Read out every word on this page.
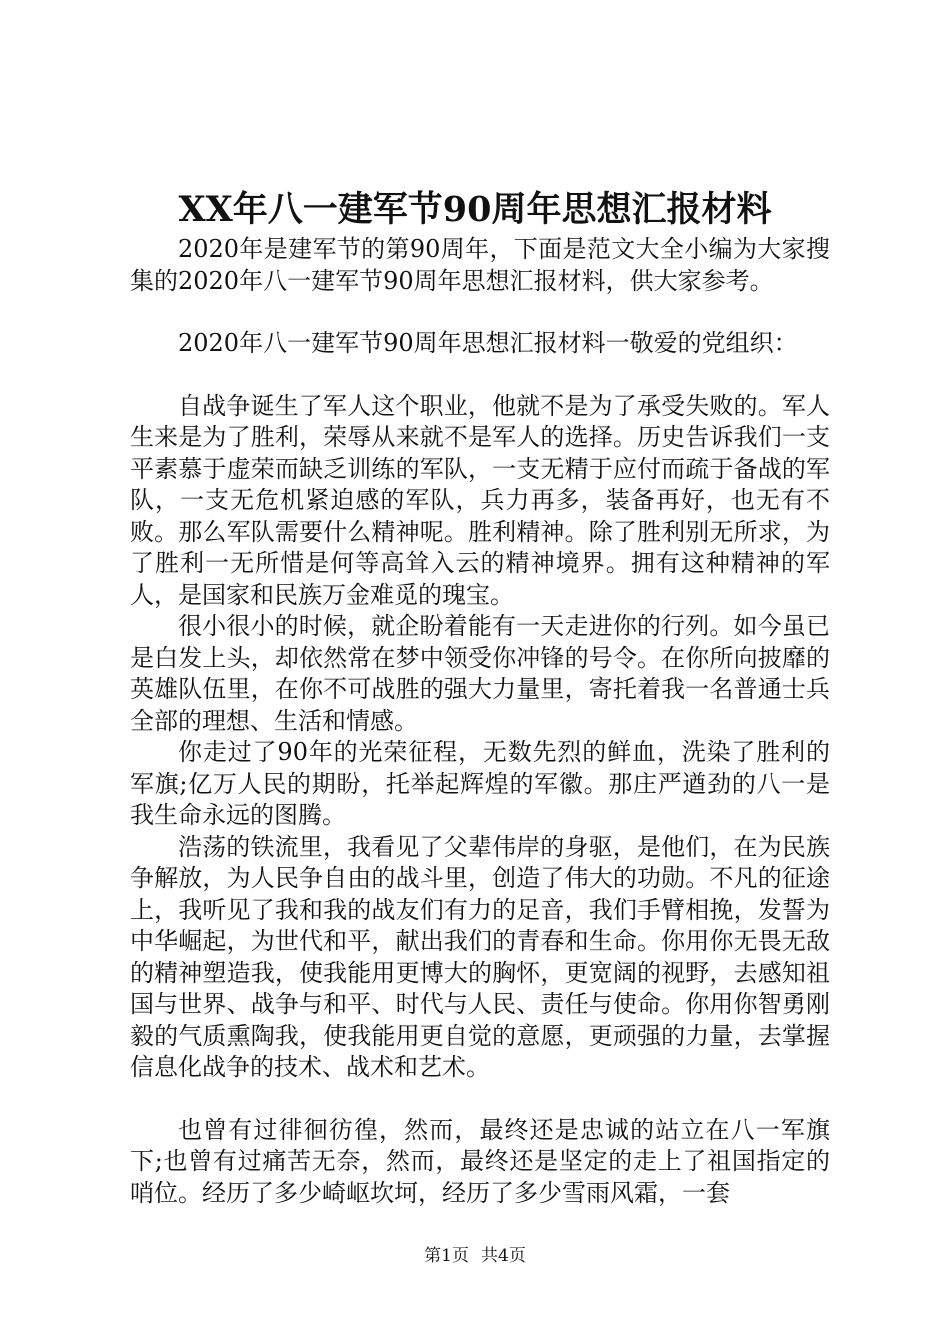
XX年八一建军节90周年思想汇报材料

2020年是建军节的第90周年，下面是范文大全小编为大家搜集的2020年八一建军节90周年思想汇报材料，供大家参考。

2020年八一建军节90周年思想汇报材料一敬爱的党组织：

自战争诞生了军人这个职业，他就不是为了承受失败的。军人生来是为了胜利，荣辱从来就不是军人的选择。历史告诉我们一支平素慕于虚荣而缺乏训练的军队，一支无精于应付而疏于备战的军队，一支无危机紧迫感的军队，兵力再多，装备再好，也无有不败。那么军队需要什么精神呢。胜利精神。除了胜利别无所求，为了胜利一无所惜是何等高耸入云的精神境界。拥有这种精神的军人，是国家和民族万金难觅的瑰宝。

很小很小的时候，就企盼着能有一天走进你的行列。如今虽已是白发上头，却依然常在梦中领受你冲锋的号令。在你所向披靡的英雄队伍里，在你不可战胜的强大力量里，寄托着我一名普通士兵全部的理想、生活和情感。

你走过了90年的光荣征程，无数先烈的鲜血，洗染了胜利的军旗;亿万人民的期盼，托举起辉煌的军徽。那庄严遒劲的八一是我生命永远的图腾。

浩荡的铁流里，我看见了父辈伟岸的身驱，是他们，在为民族争解放，为人民争自由的战斗里，创造了伟大的功勋。不凡的征途上，我听见了我和我的战友们有力的足音，我们手臂相挽，发誓为中华崛起，为世代和平，献出我们的青春和生命。你用你无畏无敌的精神塑造我，使我能用更博大的胸怀，更宽阔的视野，去感知祖国与世界、战争与和平、时代与人民、责任与使命。你用你智勇刚毅的气质熏陶我，使我能用更自觉的意愿，更顽强的力量，去掌握信息化战争的技术、战术和艺术。

也曾有过徘徊彷徨，然而，最终还是忠诚的站立在八一军旗下;也曾有过痛苦无奈，然而，最终还是坚定的走上了祖国指定的哨位。经历了多少崎岖坎坷，经历了多少雪雨风霜，一套

第1页 共4页
